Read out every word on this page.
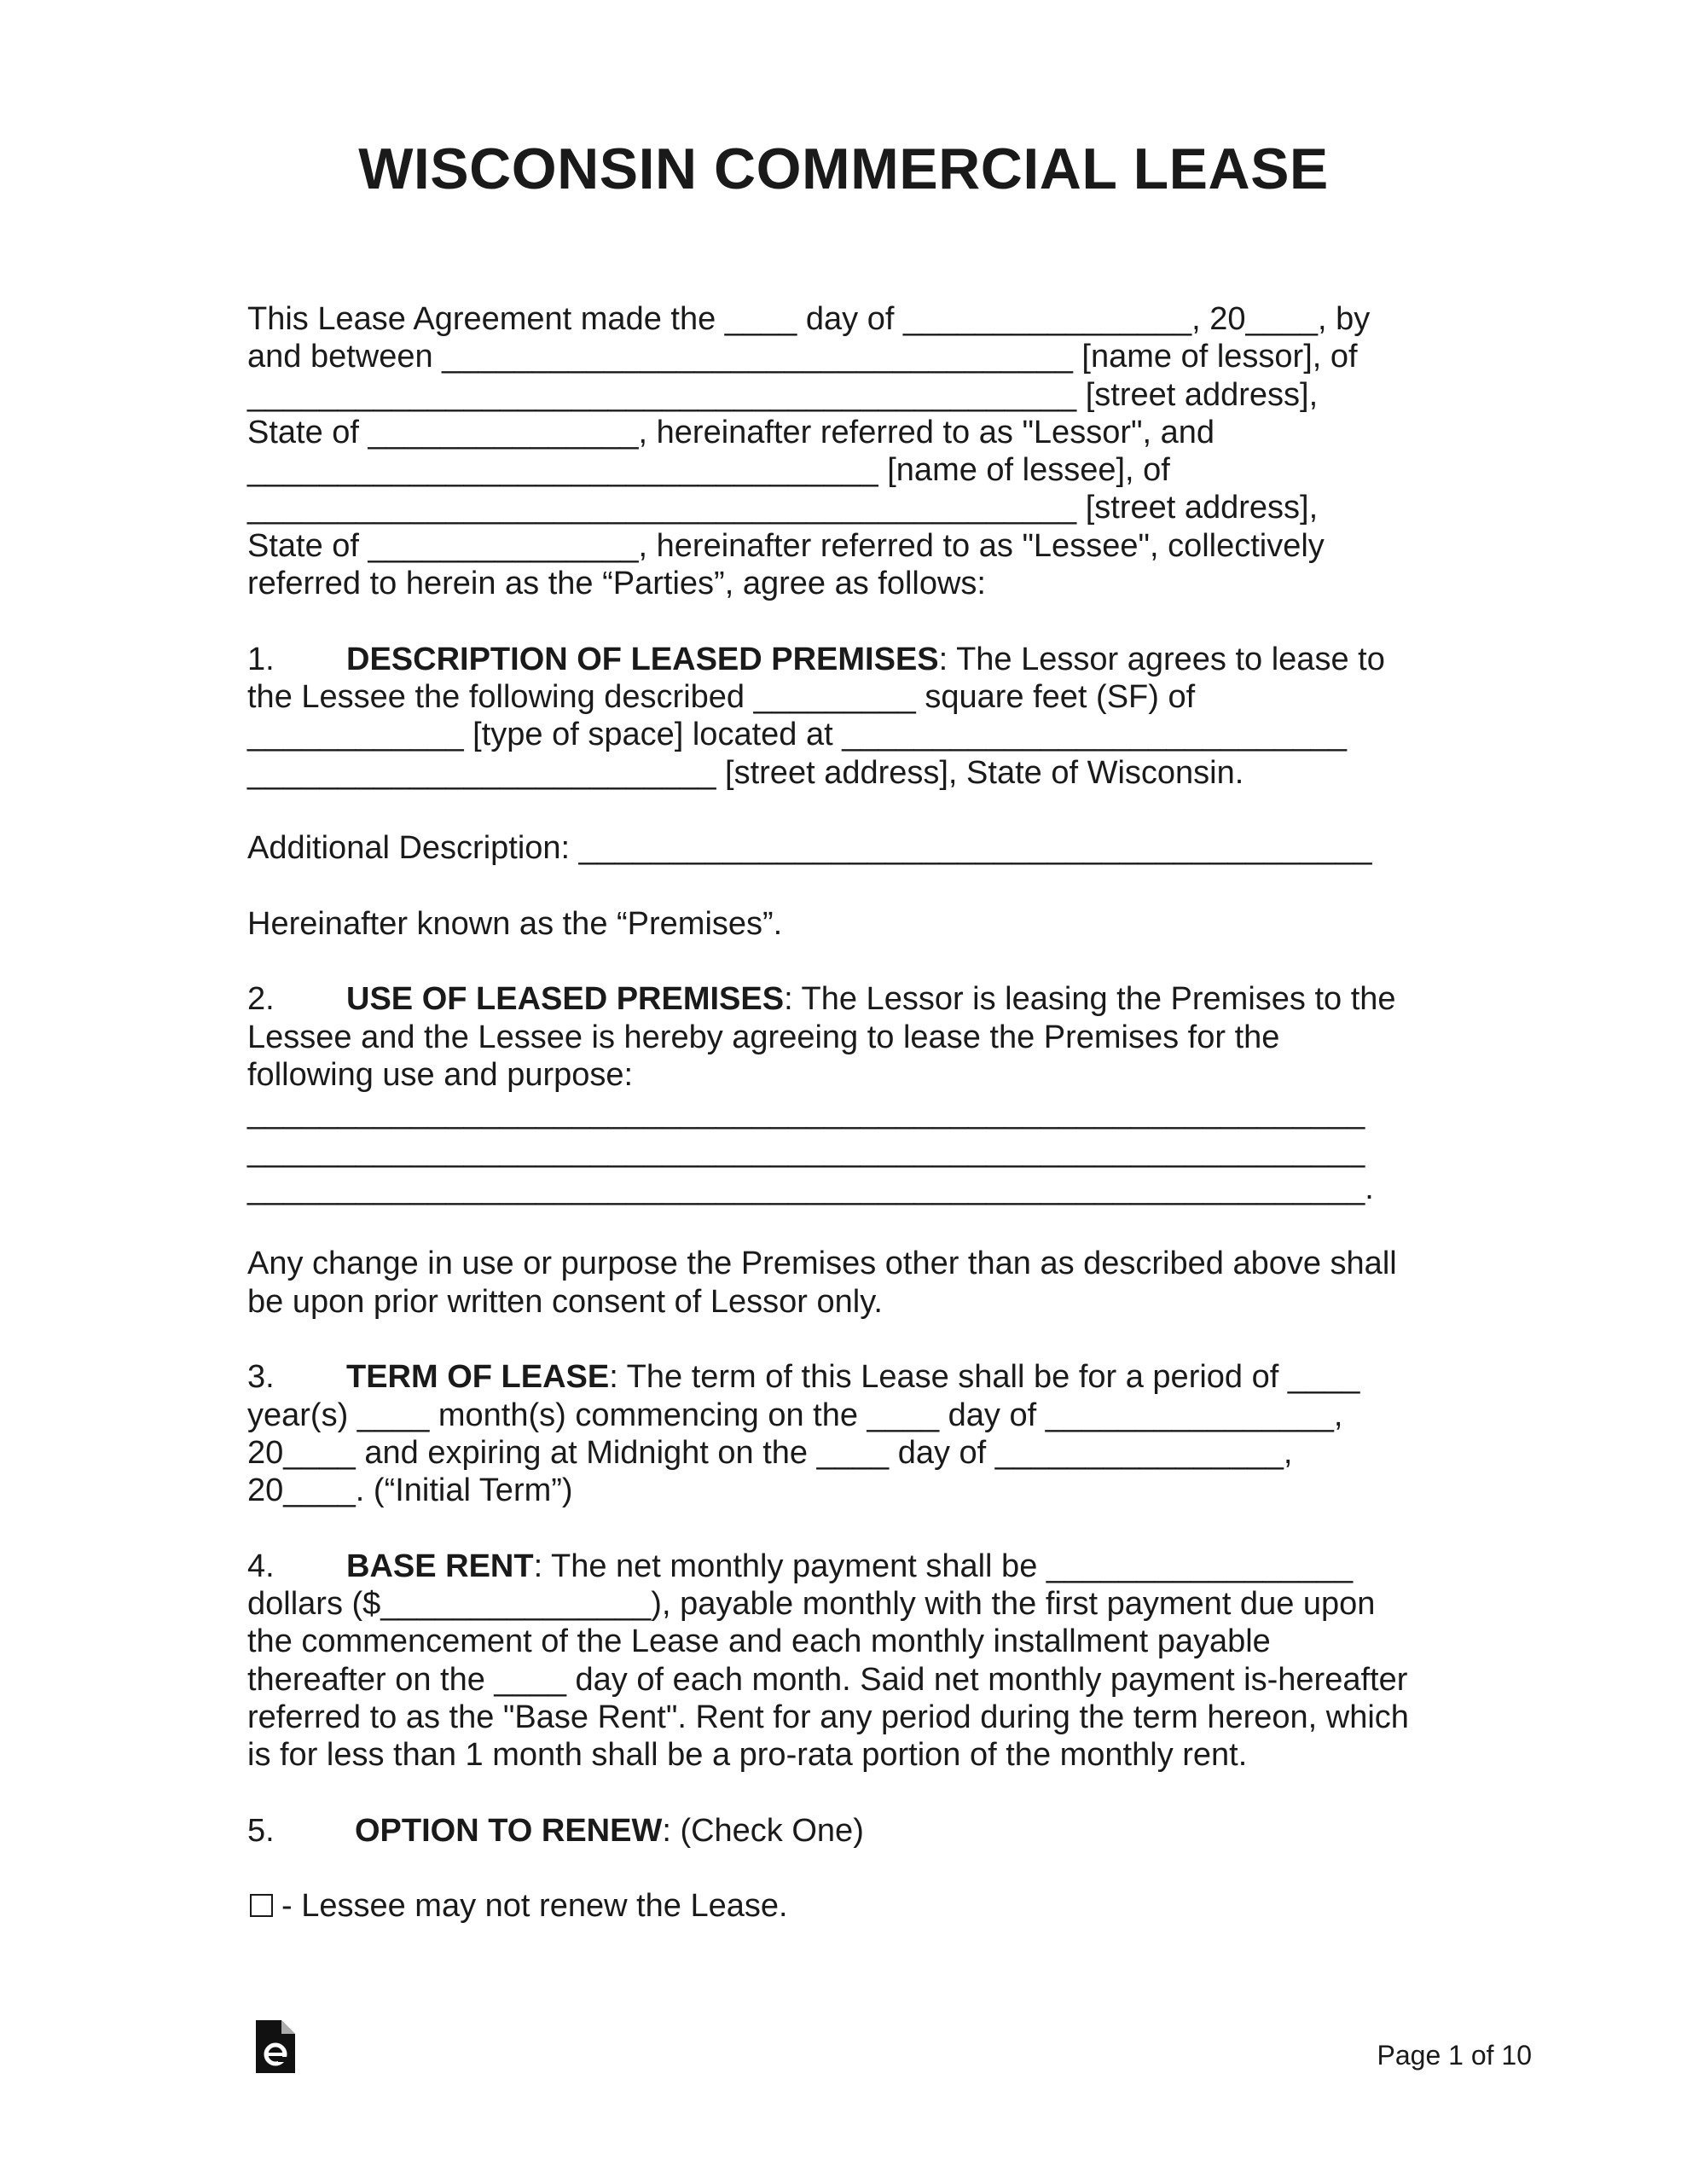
WISCONSIN COMMERCIAL LEASE
This Lease Agreement made the ____ day of ________________, 20____, by
and between ___________________________________ [name of lessor], of
______________________________________________ [street address],
State of _______________, hereinafter referred to as "Lessor", and
___________________________________ [name of lessee], of
______________________________________________ [street address],
State of _______________, hereinafter referred to as "Lessee", collectively
referred to herein as the “Parties”, agree as follows:
1. DESCRIPTION OF LEASED PREMISES: The Lessor agrees to lease to
the Lessee the following described _________ square feet (SF) of
____________ [type of space] located at ____________________________
__________________________ [street address], State of Wisconsin.
Additional Description: ____________________________________________
Hereinafter known as the “Premises”.
2. USE OF LEASED PREMISES: The Lessor is leasing the Premises to the
Lessee and the Lessee is hereby agreeing to lease the Premises for the
following use and purpose:
______________________________________________________________
______________________________________________________________
______________________________________________________________.
Any change in use or purpose the Premises other than as described above shall
be upon prior written consent of Lessor only.
3. TERM OF LEASE: The term of this Lease shall be for a period of ____
year(s) ____ month(s) commencing on the ____ day of ________________,
20____ and expiring at Midnight on the ____ day of ________________,
20____. (“Initial Term”)
4. BASE RENT: The net monthly payment shall be _________________
dollars ($_______________), payable monthly with the first payment due upon
the commencement of the Lease and each monthly installment payable
thereafter on the ____ day of each month. Said net monthly payment is-hereafter
referred to as the "Base Rent". Rent for any period during the term hereon, which
is for less than 1 month shall be a pro-rata portion of the monthly rent.
5. OPTION TO RENEW: (Check One)
- Lessee may not renew the Lease.
Page 1 of 10
